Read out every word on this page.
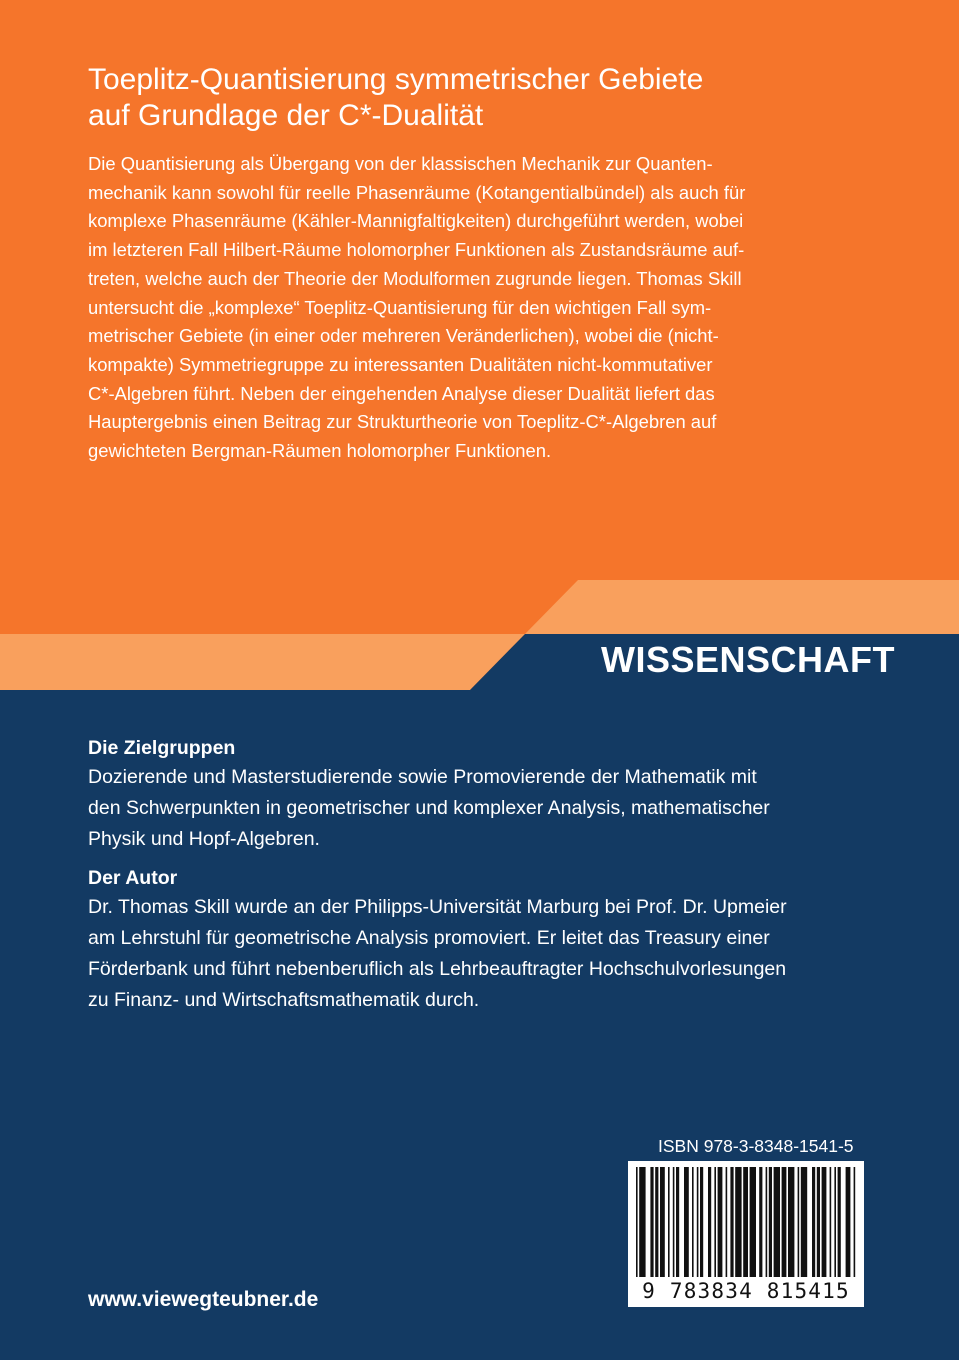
Toeplitz-Quantisierung symmetrischer Gebiete
auf Grundlage der C*-Dualität

Die Quantisierung als Übergang von der klassischen Mechanik zur Quanten-
mechanik kann sowohl für reelle Phasenräume (Kotangentialbündel) als auch für
komplexe Phasenräume (Kähler-Mannigfaltigkeiten) durchgeführt werden, wobei
im letzteren Fall Hilbert-Räume holomorpher Funktionen als Zustandsräume auf-
treten, welche auch der Theorie der Modulformen zugrunde liegen. Thomas Skill
untersucht die „komplexe“ Toeplitz-Quantisierung für den wichtigen Fall sym-
metrischer Gebiete (in einer oder mehreren Veränderlichen), wobei die (nicht-
kompakte) Symmetriegruppe zu interessanten Dualitäten nicht-kommutativer
C*-Algebren führt. Neben der eingehenden Analyse dieser Dualität liefert das
Hauptergebnis einen Beitrag zur Strukturtheorie von Toeplitz-C*-Algebren auf
gewichteten Bergman-Räumen holomorpher Funktionen.

WISSENSCHAFT
Die Zielgruppen

Dozierende und Masterstudierende sowie Promovierende der Mathematik mit
den Schwerpunkten in geometrischer und komplexer Analysis, mathematischer
Physik und Hopf-Algebren.

Der Autor

Dr. Thomas Skill wurde an der Philipps-Universität Marburg bei Prof. Dr. Upmeier
am Lehrstuhl für geometrische Analysis promoviert. Er leitet das Treasury einer
Förderbank und führt nebenberuflich als Lehrbeauftragter Hochschulvorlesungen
zu Finanz- und Wirtschaftsmathematik durch.

ISBN 978-3-8348-1541-5
9 783834 815415
www.viewegteubner.de
